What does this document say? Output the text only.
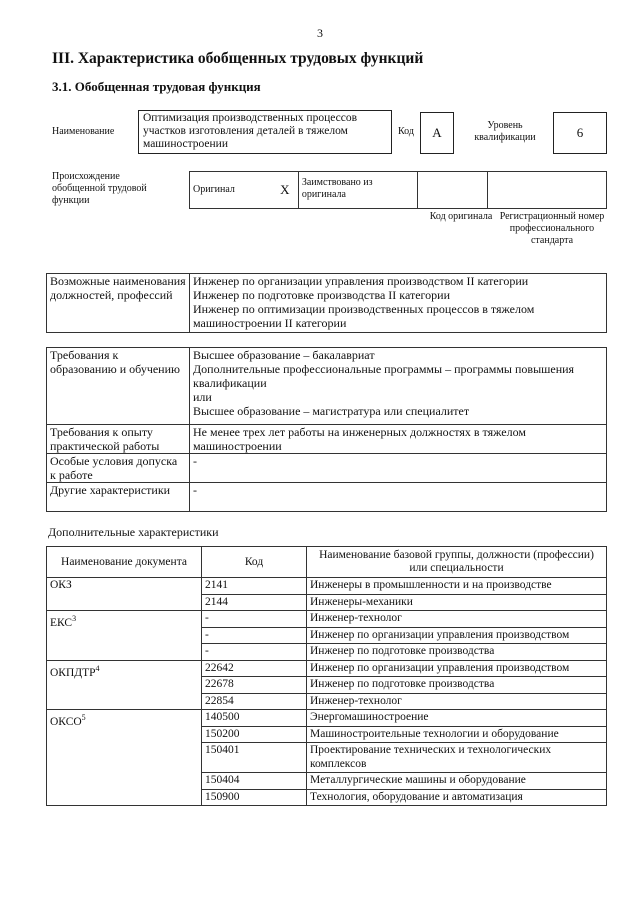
3
III. Характеристика обобщенных трудовых функций
3.1. Обобщенная трудовая функция
Наименование
Оптимизация производственных процессов участков изготовления деталей в тяжелом машиностроении
Код	А	Уровень квалификации	6
Происхождение обобщенной трудовой функции
Оригинал	X	Заимствовано из оригинала		
Код оригинала Регистрационный номер профессионального стандарта
Возможные наименования должностей, профессий	
Инженер по организации управления производством II категории
Инженер по подготовке производства II категории
Инженер по оптимизации производственных процессов в тяжелом машиностроении II категории
Требования к образованию и обучению	Высшее образование – бакалавриат
Дополнительные профессиональные программы – программы повышения квалификации
или
Высшее образование – магистратура или специалитет

Требования к опыту практической работы	Не менее трех лет работы на инженерных должностях в тяжелом машиностроении
Особые условия допуска к работе	-
Другие характеристики	-
Дополнительные характеристики
Наименование документа	Код	Наименование базовой группы, должности (профессии) или специальности
ОКЗ	2141	Инженеры в промышленности и на производстве
	2144	Инженеры-механики
ЕКС$^3$	-	Инженер-технолог
	-	Инженер по организации управления производством
	-	Инженер по подготовке производства
ОКПДТР$^4$	22642	Инженер по организации управления производством
	22678	Инженер по подготовке производства
	22854	Инженер-технолог
ОКСО$^5$	140500	Энергомашиностроение
	150200	Машиностроительные технологии и оборудование
	150401	Проектирование технических и технологических комплексов
	150404	Металлургические машины и оборудование
	150900	Технология, оборудование и автоматизация
